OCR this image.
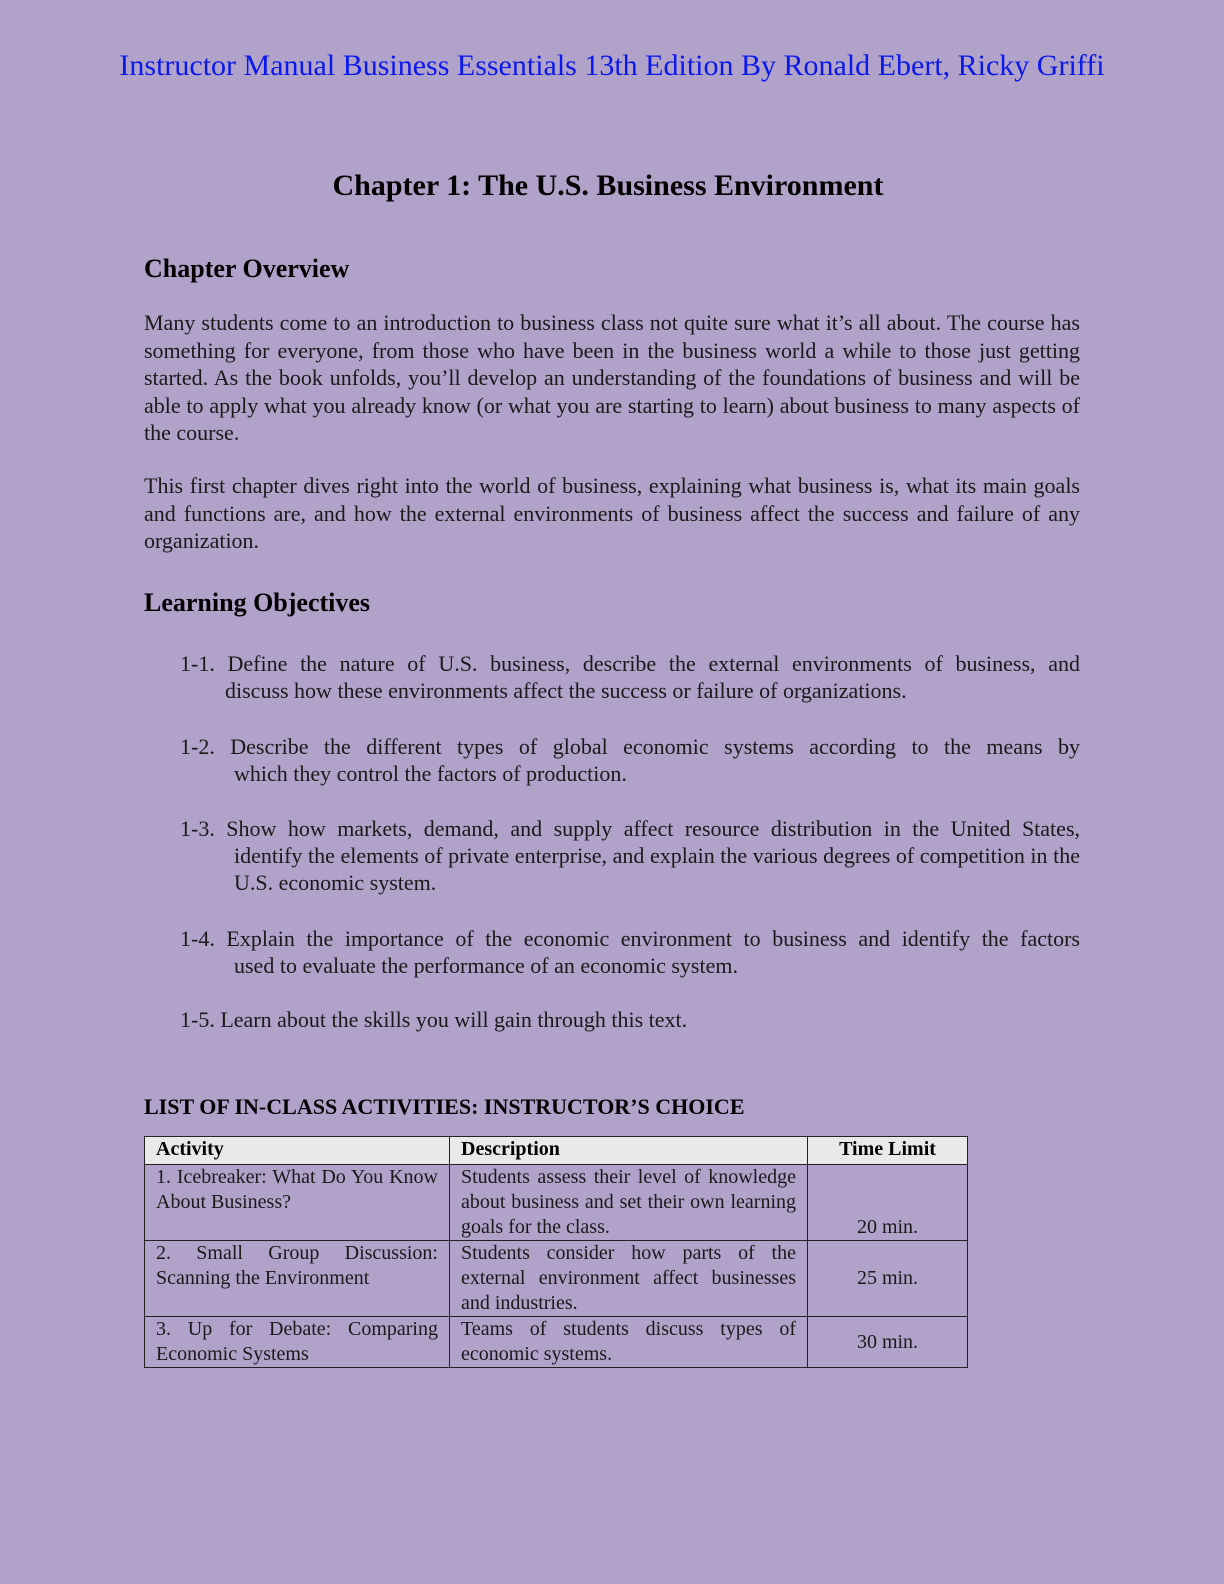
Instructor Manual Business Essentials 13th Edition By Ronald Ebert, Ricky Griffi
Chapter 1: The U.S. Business Environment
Chapter Overview
Many students come to an introduction to business class not quite sure what it’s all about. The course has something for everyone, from those who have been in the business world a while to those just getting started. As the book unfolds, you’ll develop an understanding of the foundations of business and will be able to apply what you already know (or what you are starting to learn) about business to many aspects of the course.
This first chapter dives right into the world of business, explaining what business is, what its main goals and functions are, and how the external environments of business affect the success and failure of any organization.
Learning Objectives
1-1. Define the nature of U.S. business, describe the external environments of business, and
discuss how these environments affect the success or failure of organizations.
1-2. Describe the different types of global economic systems according to the means by
which they control the factors of production.
1-3. Show how markets, demand, and supply affect resource distribution in the United States,
identify the elements of private enterprise, and explain the various degrees of competition in the U.S. economic system.
1-4. Explain the importance of the economic environment to business and identify the factors
used to evaluate the performance of an economic system.
1-5. Learn about the skills you will gain through this text.
LIST OF IN-CLASS ACTIVITIES: INSTRUCTOR’S CHOICE
Activity	Description	Time Limit
1. Icebreaker: What Do You Know About Business?	Students assess their level of knowledge about business and set their own learning goals for the class.	20 min.
2. Small Group Discussion: Scanning the Environment	Students consider how parts of the external environment affect businesses and industries.	25 min.
3. Up for Debate: Comparing Economic Systems	Teams of students discuss types of economic systems.	30 min.
